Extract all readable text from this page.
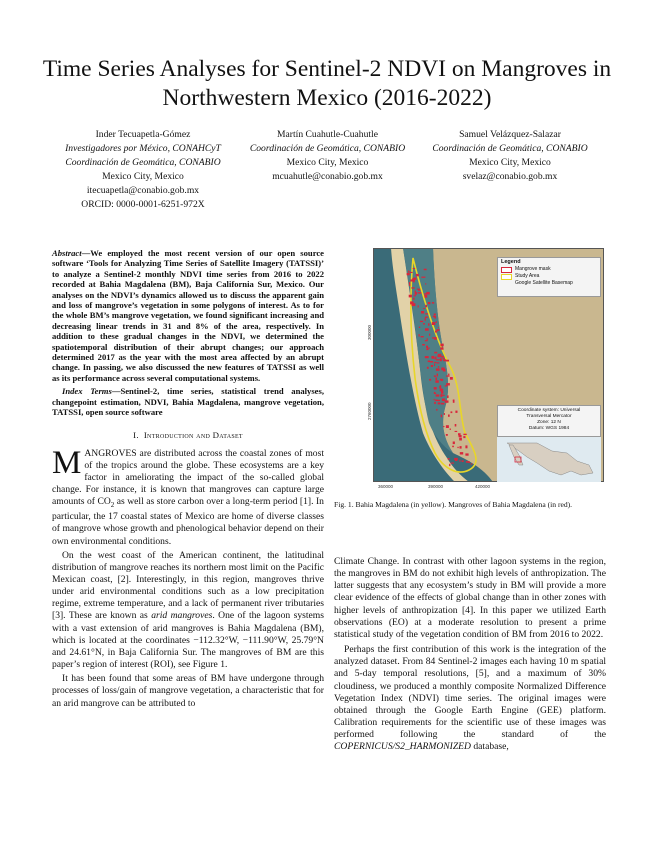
Time Series Analyses for Sentinel-2 NDVI on Mangroves in Northwestern Mexico (2016-2022)
Inder Tecuapetla-Gómez
Investigadores por México, CONAHCyT
Coordinación de Geomática, CONABIO
Mexico City, Mexico
itecuapetla@conabio.gob.mx
ORCID: 0000-0001-6251-972X
Martín Cuahutle-Cuahutle
Coordinación de Geomática, CONABIO
Mexico City, Mexico
mcuahutle@conabio.gob.mx
Samuel Velázquez-Salazar
Coordinación de Geomática, CONABIO
Mexico City, Mexico
svelaz@conabio.gob.mx

Abstract—We employed the most recent version of our open source software ‘Tools for Analyzing Time Series of Satellite Imagery (TATSSI)’ to analyze a Sentinel-2 monthly NDVI time series from 2016 to 2022 recorded at Bahia Magdalena (BM), Baja California Sur, Mexico. Our analyses on the NDVI’s dynamics allowed us to discuss the apparent gain and loss of mangrove’s vegetation in some polygons of interest. As to for the whole BM’s mangrove vegetation, we found significant increasing and decreasing linear trends in 31 and 8% of the area, respectively. In addition to these gradual changes in the NDVI, we determined the spatiotemporal distribution of their abrupt changes; our approach determined 2017 as the year with the most area affected by an abrupt change. In passing, we also discussed the new features of TATSSI as well as its performance across several computational systems.

Index Terms—Sentinel-2, time series, statistical trend analyses, changepoint estimation, NDVI, Bahia Magdalena, mangrove vegetation, TATSSI, open source software

I. Introduction and Dataset

MANGROVES are distributed across the coastal zones of most of the tropics around the globe. These ecosystems are a key factor in ameliorating the impact of the so-called global change. For instance, it is known that mangroves can capture large amounts of $CO_2$ as well as store carbon over a long-term period [1]. In particular, the 17 coastal states of Mexico are home of diverse classes of mangrove whose growth and phenological behavior depend on their own environmental conditions.

On the west coast of the American continent, the latitudinal distribution of mangrove reaches its northern most limit on the Pacific Mexican coast, [2]. Interestingly, in this region, mangroves thrive under arid environmental conditions such as a low precipitation regime, extreme temperature, and a lack of permanent river tributaries [3]. These are known as arid mangroves. One of the lagoon systems with a vast extension of arid mangroves is Bahia Magdalena (BM), which is located at the coordinates −112.32°W, −111.90°W, 25.79°N and 24.61°N, in Baja California Sur. The mangroves of BM are this paper’s region of interest (ROI), see Figure 1.

It has been found that some areas of BM have undergone through processes of loss/gain of mangrove vegetation, a characteristic that for an arid mangrove can be attributed to

360000	390000	420000
300000
2760000
Legend
Mangrove mask
Study Area
Google Satellite Basemap
Coordinate system: Universal
Transversal Mercator
Zone: 12 N
Datum: WGS 1984
Fig. 1. Bahia Magdalena (in yellow). Mangroves of Bahia Magdalena (in red).

Climate Change. In contrast with other lagoon systems in the region, the mangroves in BM do not exhibit high levels of anthropization. The latter suggests that any ecosystem’s study in BM will provide a more clear evidence of the effects of global change than in other zones with higher levels of anthropization [4]. In this paper we utilized Earth observations (EO) at a moderate resolution to present a prime statistical study of the vegetation condition of BM from 2016 to 2022.

Perhaps the first contribution of this work is the integration of the analyzed dataset. From 84 Sentinel-2 images each having 10 m spatial and 5-day temporal resolutions, [5], and a maximum of 30% cloudiness, we produced a monthly composite Normalized Difference Vegetation Index (NDVI) time series. The original images were obtained through the Google Earth Engine (GEE) platform. Calibration requirements for the scientific use of these images was performed following the standard of the COPERNICUS/S2_HARMONIZED database,
